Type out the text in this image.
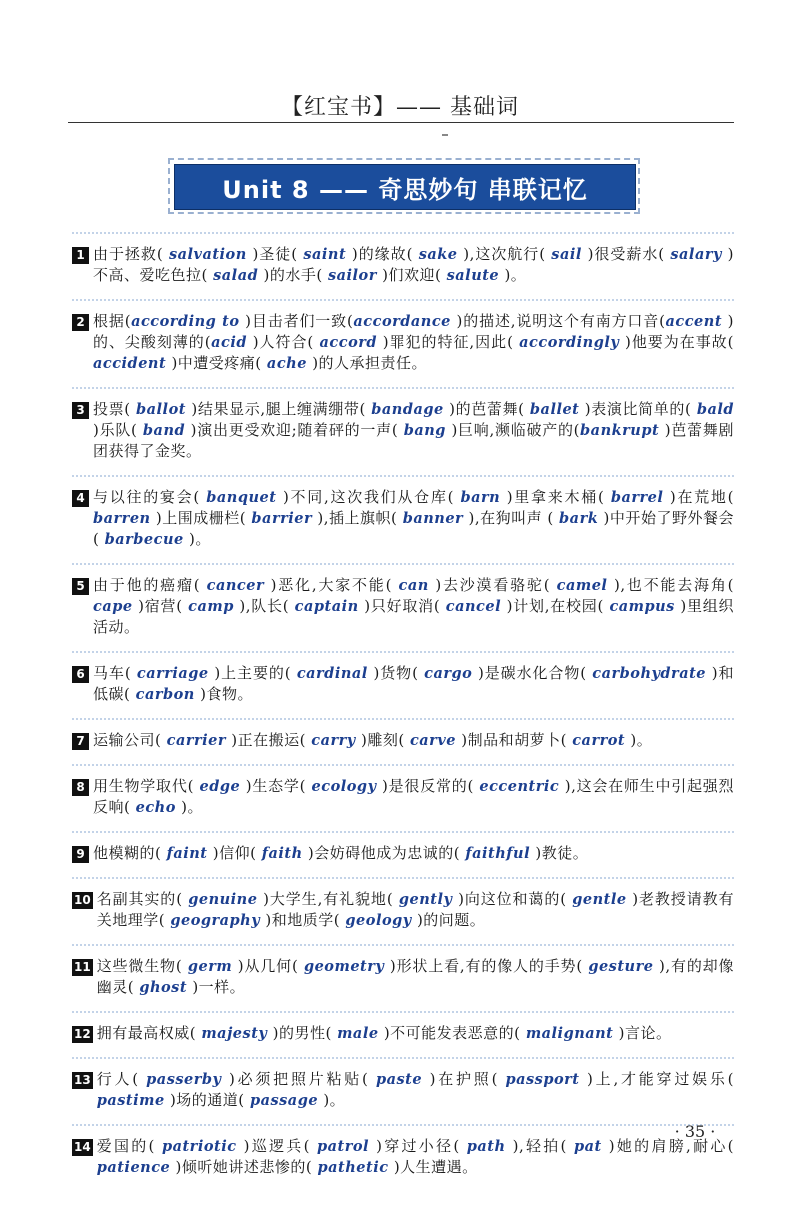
【红宝书】—— 基础词
Unit 8 —— 奇思妙句 串联记忆
1 由于拯救( salvation )圣徒( saint )的缘故( sake ),这次航行( sail )很受薪水( salary )不高、爱吃色拉( salad )的水手( sailor )们欢迎( salute )。
2 根据(according to )目击者们一致(accordance )的描述,说明这个有南方口音(accent )的、尖酸刻薄的(acid )人符合( accord )罪犯的特征,因此( accordingly )他要为在事故( accident )中遭受疼痛( ache )的人承担责任。
3 投票( ballot )结果显示,腿上缠满绷带( bandage )的芭蕾舞( ballet )表演比简单的( bald )乐队( band )演出更受欢迎;随着砰的一声( bang )巨响,濒临破产的(bankrupt )芭蕾舞剧团获得了金奖。
4 与以往的宴会( banquet )不同,这次我们从仓库( barn )里拿来木桶( barrel )在荒地( barren )上围成栅栏( barrier ),插上旗帜( banner ),在狗叫声 ( bark )中开始了野外餐会( barbecue )。
5 由于他的癌瘤( cancer )恶化,大家不能( can )去沙漠看骆驼( camel ),也不能去海角( cape )宿营( camp ),队长( captain )只好取消( cancel )计划,在校园( campus )里组织活动。
6 马车( carriage )上主要的( cardinal )货物( cargo )是碳水化合物( carbohydrate )和低碳( carbon )食物。
7 运输公司( carrier )正在搬运( carry )雕刻( carve )制品和胡萝卜( carrot )。
8 用生物学取代( edge )生态学( ecology )是很反常的( eccentric ),这会在师生中引起强烈反响( echo )。
9 他模糊的( faint )信仰( faith )会妨碍他成为忠诚的( faithful )教徒。
10 名副其实的( genuine )大学生,有礼貌地( gently )向这位和蔼的( gentle )老教授请教有关地理学( geography )和地质学( geology )的问题。
11 这些微生物( germ )从几何( geometry )形状上看,有的像人的手势( gesture ),有的却像幽灵( ghost )一样。
12 拥有最高权威( majesty )的男性( male )不可能发表恶意的( malignant )言论。
13 行人( passerby )必须把照片粘贴( paste )在护照( passport )上,才能穿过娱乐( pastime )场的通道( passage )。
14 爱国的( patriotic )巡逻兵( patrol )穿过小径( path ),轻拍( pat )她的肩膀,耐心( patience )倾听她讲述悲惨的( pathetic )人生遭遇。
· 35 ·
